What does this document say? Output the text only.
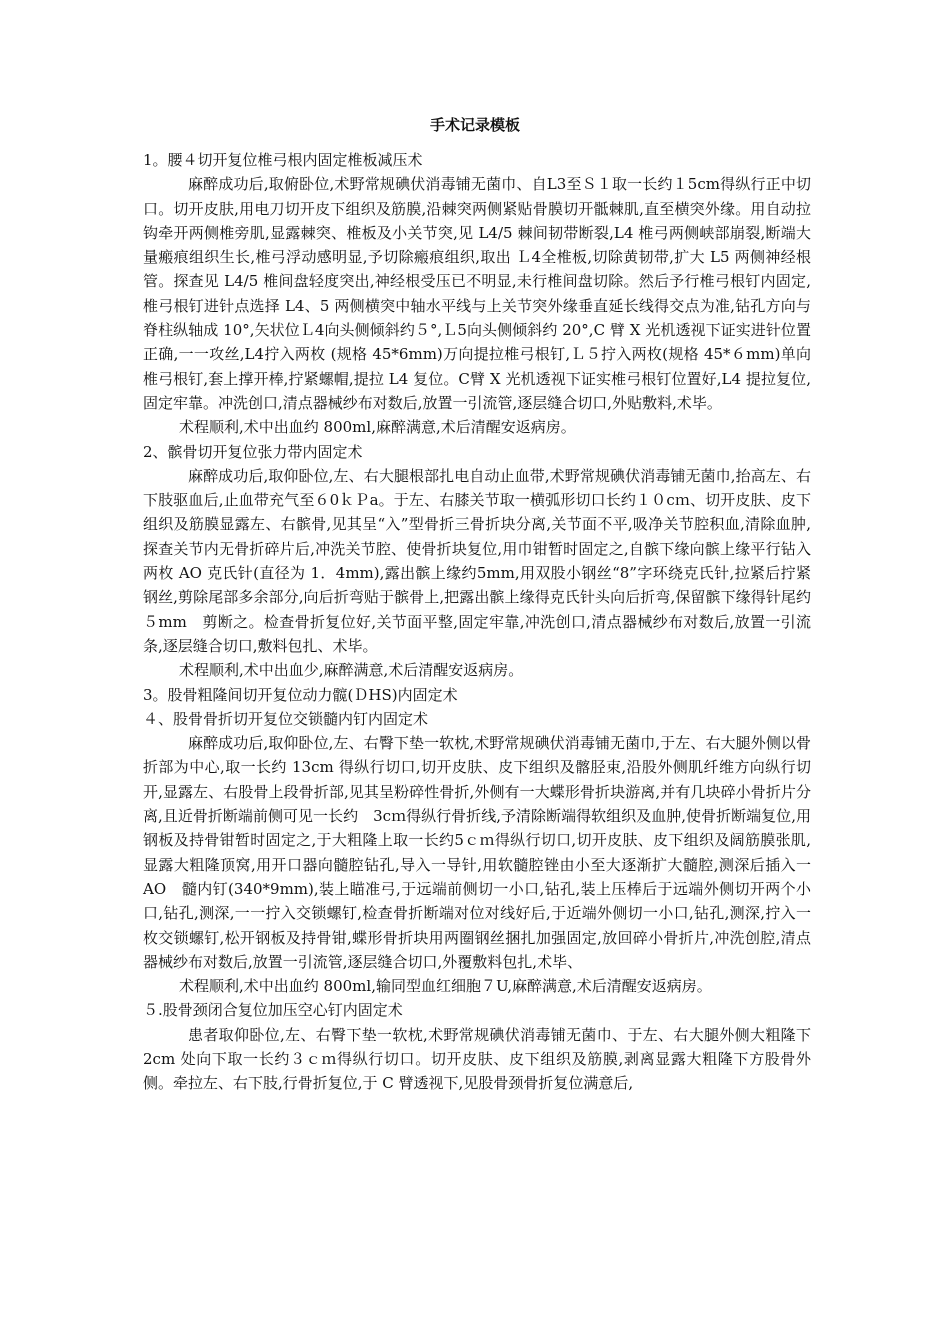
手术记录模板

1。腰４切开复位椎弓根内固定椎板减压术

麻醉成功后,取俯卧位,术野常规碘伏消毒铺无菌巾、自L3至Ｓ１取一长约１5cm得纵行正中切口。切开皮肤,用电刀切开皮下组织及筋膜,沿棘突两侧紧贴骨膜切开骶棘肌,直至横突外缘。用自动拉钩牵开两侧椎旁肌,显露棘突、椎板及小关节突,见 L4/5 棘间韧带断裂,L4 椎弓两侧峡部崩裂,断端大量瘢痕组织生长,椎弓浮动感明显,予切除瘢痕组织,取出 Ｌ4全椎板,切除黄韧带,扩大 L5 两侧神经根管。探查见 L4/5 椎间盘轻度突出,神经根受压已不明显,未行椎间盘切除。然后予行椎弓根钉内固定,椎弓根钉进针点选择 L4、5 两侧横突中轴水平线与上关节突外缘垂直延长线得交点为准,钻孔方向与脊柱纵轴成 10°,矢状位Ｌ4向头侧倾斜约５°,Ｌ5向头侧倾斜约 20°,C 臂 X 光机透视下证实进针位置正确,一一攻丝,L4拧入两枚 (规格 45*6mm)万向提拉椎弓根钉,Ｌ５拧入两枚(规格 45*６mm)单向椎弓根钉,套上撑开棒,拧紧螺帽,提拉 L4 复位。C臂 X 光机透视下证实椎弓根钉位置好,L4 提拉复位,固定牢靠。冲洗创口,清点器械纱布对数后,放置一引流管,逐层缝合切口,外贴敷料,术毕。

术程顺利,术中出血约 800ml,麻醉满意,术后清醒安返病房。

2、髌骨切开复位张力带内固定术

麻醉成功后,取仰卧位,左、右大腿根部扎电自动止血带,术野常规碘伏消毒铺无菌巾,抬高左、右下肢驱血后,止血带充气至６0ｋＰa。于左、右膝关节取一横弧形切口长约１０cｍ、切开皮肤、皮下组织及筋膜显露左、右髌骨,见其呈“入”型骨折三骨折块分离,关节面不平,吸净关节腔积血,清除血肿,探查关节内无骨折碎片后,冲洗关节腔、使骨折块复位,用巾钳暂时固定之,自髌下缘向髌上缘平行钻入两枚 AO 克氏针(直径为 1．4mm),露出髌上缘约5mm,用双股小钢丝“8”字环绕克氏针,拉紧后拧紧钢丝,剪除尾部多余部分,向后折弯贴于髌骨上,把露出髌上缘得克氏针头向后折弯,保留髌下缘得针尾约５mm　剪断之。检查骨折复位好,关节面平整,固定牢靠,冲洗创口,清点器械纱布对数后,放置一引流条,逐层缝合切口,敷料包扎、术毕。

术程顺利,术中出血少,麻醉满意,术后清醒安返病房。

3。股骨粗隆间切开复位动力髋(ＤHS)内固定术

４、股骨骨折切开复位交锁髓内钉内固定术

麻醉成功后,取仰卧位,左、右臀下垫一软枕,术野常规碘伏消毒铺无菌巾,于左、右大腿外侧以骨折部为中心,取一长约 13cm 得纵行切口,切开皮肤、皮下组织及髂胫束,沿股外侧肌纤维方向纵行切开,显露左、右股骨上段骨折部,见其呈粉碎性骨折,外侧有一大蝶形骨折块游离,并有几块碎小骨折片分离,且近骨折断端前侧可见一长约　3cｍ得纵行骨折线,予清除断端得软组织及血肿,使骨折断端复位,用钢板及持骨钳暂时固定之,于大粗隆上取一长约5ｃｍ得纵行切口,切开皮肤、皮下组织及阔筋膜张肌,显露大粗隆顶窝,用开口器向髓腔钻孔,导入一导针,用软髓腔锉由小至大逐渐扩大髓腔,测深后插入一　AO　髓内钉(340*9mm),装上瞄准弓,于远端前侧切一小口,钻孔,装上压棒后于远端外侧切开两个小口,钻孔,测深,一一拧入交锁螺钉,检查骨折断端对位对线好后,于近端外侧切一小口,钻孔,测深,拧入一枚交锁螺钉,松开钢板及持骨钳,蝶形骨折块用两圈钢丝捆扎加强固定,放回碎小骨折片,冲洗创腔,清点器械纱布对数后,放置一引流管,逐层缝合切口,外覆敷料包扎,术毕、

术程顺利,术中出血约 800ml,输同型血红细胞７U,麻醉满意,术后清醒安返病房。

５.股骨颈闭合复位加压空心钉内固定术

患者取仰卧位,左、右臀下垫一软枕,术野常规碘伏消毒铺无菌巾、于左、右大腿外侧大粗隆下 2cm 处向下取一长约３ｃｍ得纵行切口。切开皮肤、皮下组织及筋膜,剥离显露大粗隆下方股骨外侧。牵拉左、右下肢,行骨折复位,于 C 臂透视下,见股骨颈骨折复位满意后,
